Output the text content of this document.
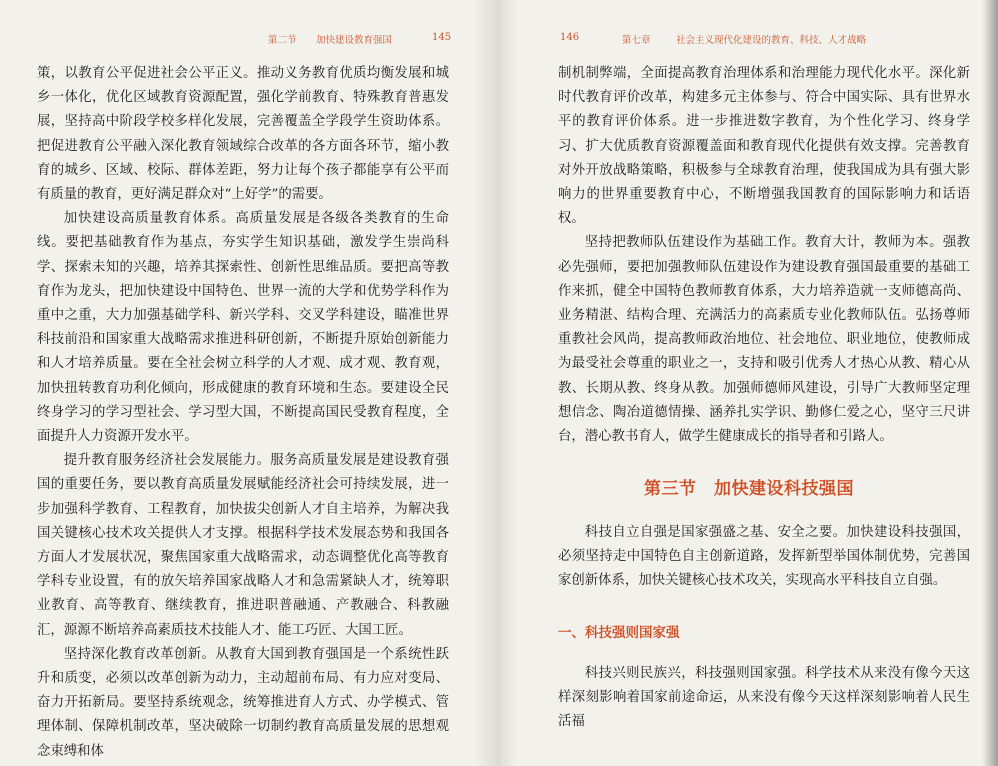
第二节 加快建设教育强国	145

策，以教育公平促进社会公平正义。推动义务教育优质均衡发展和城乡一体化，优化区域教育资源配置，强化学前教育、特殊教育普惠发展，坚持高中阶段学校多样化发展，完善覆盖全学段学生资助体系。把促进教育公平融入深化教育领域综合改革的各方面各环节，缩小教育的城乡、区域、校际、群体差距，努力让每个孩子都能享有公平而有质量的教育，更好满足群众对“上好学”的需要。

加快建设高质量教育体系。高质量发展是各级各类教育的生命线。要把基础教育作为基点，夯实学生知识基础，激发学生崇尚科学、探索未知的兴趣，培养其探索性、创新性思维品质。要把高等教育作为龙头，把加快建设中国特色、世界一流的大学和优势学科作为重中之重，大力加强基础学科、新兴学科、交叉学科建设，瞄准世界科技前沿和国家重大战略需求推进科研创新，不断提升原始创新能力和人才培养质量。要在全社会树立科学的人才观、成才观、教育观，加快扭转教育功利化倾向，形成健康的教育环境和生态。要建设全民终身学习的学习型社会、学习型大国，不断提高国民受教育程度，全面提升人力资源开发水平。

提升教育服务经济社会发展能力。服务高质量发展是建设教育强国的重要任务，要以教育高质量发展赋能经济社会可持续发展，进一步加强科学教育、工程教育，加快拔尖创新人才自主培养，为解决我国关键核心技术攻关提供人才支撑。根据科学技术发展态势和我国各方面人才发展状况，聚焦国家重大战略需求，动态调整优化高等教育学科专业设置，有的放矢培养国家战略人才和急需紧缺人才，统筹职业教育、高等教育、继续教育，推进职普融通、产教融合、科教融汇，源源不断培养高素质技术技能人才、能工巧匠、大国工匠。

坚持深化教育改革创新。从教育大国到教育强国是一个系统性跃升和质变，必须以改革创新为动力，主动超前布局、有力应对变局、奋力开拓新局。要坚持系统观念，统筹推进育人方式、办学模式、管理体制、保障机制改革，坚决破除一切制约教育高质量发展的思想观念束缚和体

146	第七章	社会主义现代化建设的教育、科技、人才战略

制机制弊端，全面提高教育治理体系和治理能力现代化水平。深化新时代教育评价改革，构建多元主体参与、符合中国实际、具有世界水平的教育评价体系。进一步推进数字教育，为个性化学习、终身学习、扩大优质教育资源覆盖面和教育现代化提供有效支撑。完善教育对外开放战略策略，积极参与全球教育治理，使我国成为具有强大影响力的世界重要教育中心，不断增强我国教育的国际影响力和话语权。

坚持把教师队伍建设作为基础工作。教育大计，教师为本。强教必先强师，要把加强教师队伍建设作为建设教育强国最重要的基础工作来抓，健全中国特色教师教育体系，大力培养造就一支师德高尚、业务精湛、结构合理、充满活力的高素质专业化教师队伍。弘扬尊师重教社会风尚，提高教师政治地位、社会地位、职业地位，使教师成为最受社会尊重的职业之一，支持和吸引优秀人才热心从教、精心从教、长期从教、终身从教。加强师德师风建设，引导广大教师坚定理想信念、陶冶道德情操、涵养扎实学识、勤修仁爱之心，坚守三尺讲台，潜心教书育人，做学生健康成长的指导者和引路人。

科技自立自强是国家强盛之基、安全之要。加快建设科技强国，必须坚持走中国特色自主创新道路，发挥新型举国体制优势，完善国家创新体系，加快关键核心技术攻关，实现高水平科技自立自强。

一、科技强则国家强

科技兴则民族兴，科技强则国家强。科学技术从来没有像今天这样深刻影响着国家前途命运，从来没有像今天这样深刻影响着人民生活福

第三节　加快建设科技强国
